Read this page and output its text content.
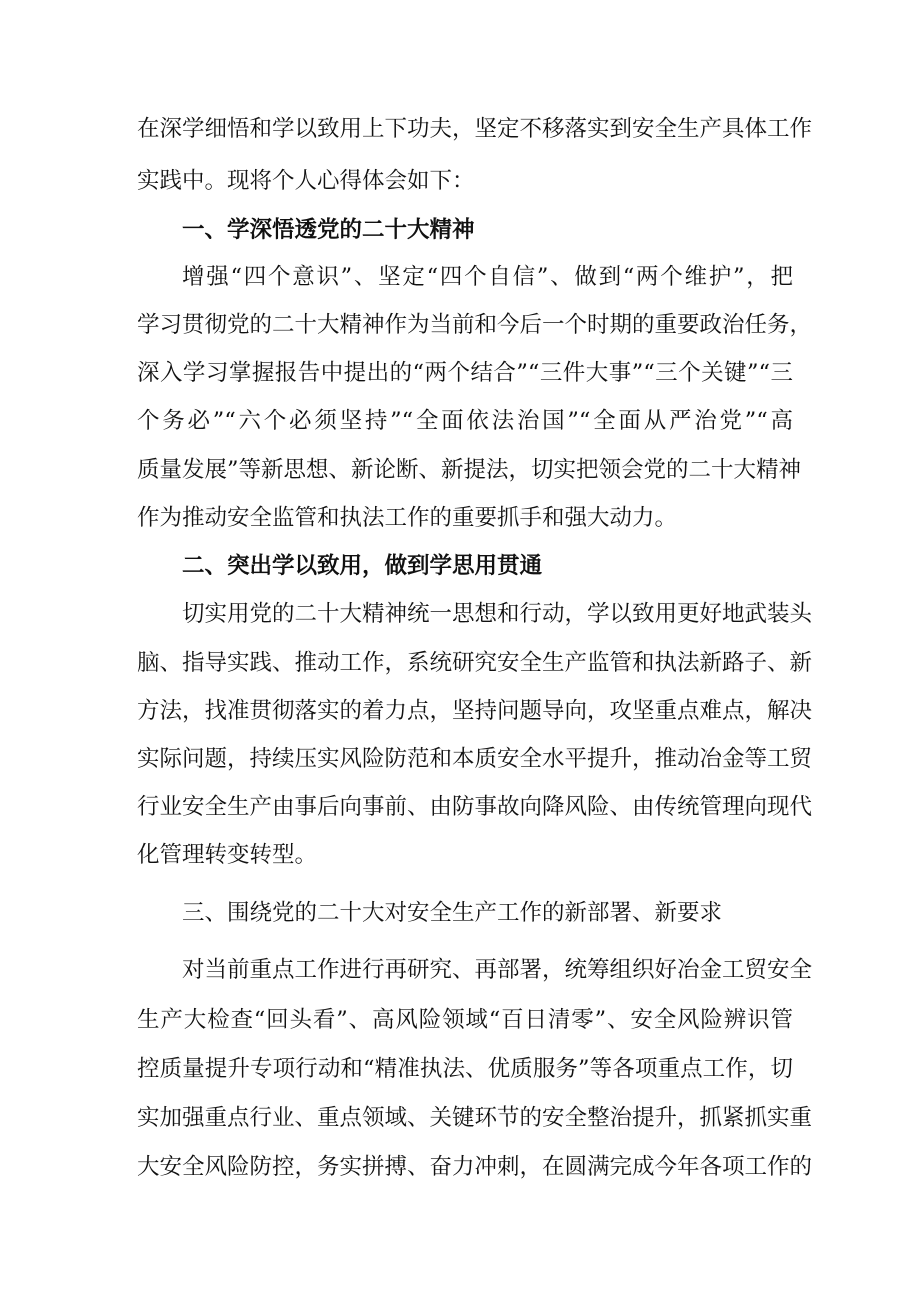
在深学细悟和学以致用上下功夫，坚定不移落实到安全生产具体工作
实践中。现将个人心得体会如下：
一、学深悟透党的二十大精神
增强“四个意识”、坚定“四个自信”、做到“两个维护”，把
学习贯彻党的二十大精神作为当前和今后一个时期的重要政治任务，
深入学习掌握报告中提出的“两个结合”“三件大事”“三个关键”“三
个务必”“六个必须坚持”“全面依法治国”“全面从严治党”“高
质量发展”等新思想、新论断、新提法，切实把领会党的二十大精神
作为推动安全监管和执法工作的重要抓手和强大动力。
二、突出学以致用，做到学思用贯通
切实用党的二十大精神统一思想和行动，学以致用更好地武装头
脑、指导实践、推动工作，系统研究安全生产监管和执法新路子、新
方法，找准贯彻落实的着力点，坚持问题导向，攻坚重点难点，解决
实际问题，持续压实风险防范和本质安全水平提升，推动冶金等工贸
行业安全生产由事后向事前、由防事故向降风险、由传统管理向现代
化管理转变转型。
三、围绕党的二十大对安全生产工作的新部署、新要求
对当前重点工作进行再研究、再部署，统筹组织好冶金工贸安全
生产大检查“回头看”、高风险领域“百日清零”、安全风险辨识管
控质量提升专项行动和“精准执法、优质服务”等各项重点工作，切
实加强重点行业、重点领域、关键环节的安全整治提升，抓紧抓实重
大安全风险防控，务实拼搏、奋力冲刺，在圆满完成今年各项工作的
